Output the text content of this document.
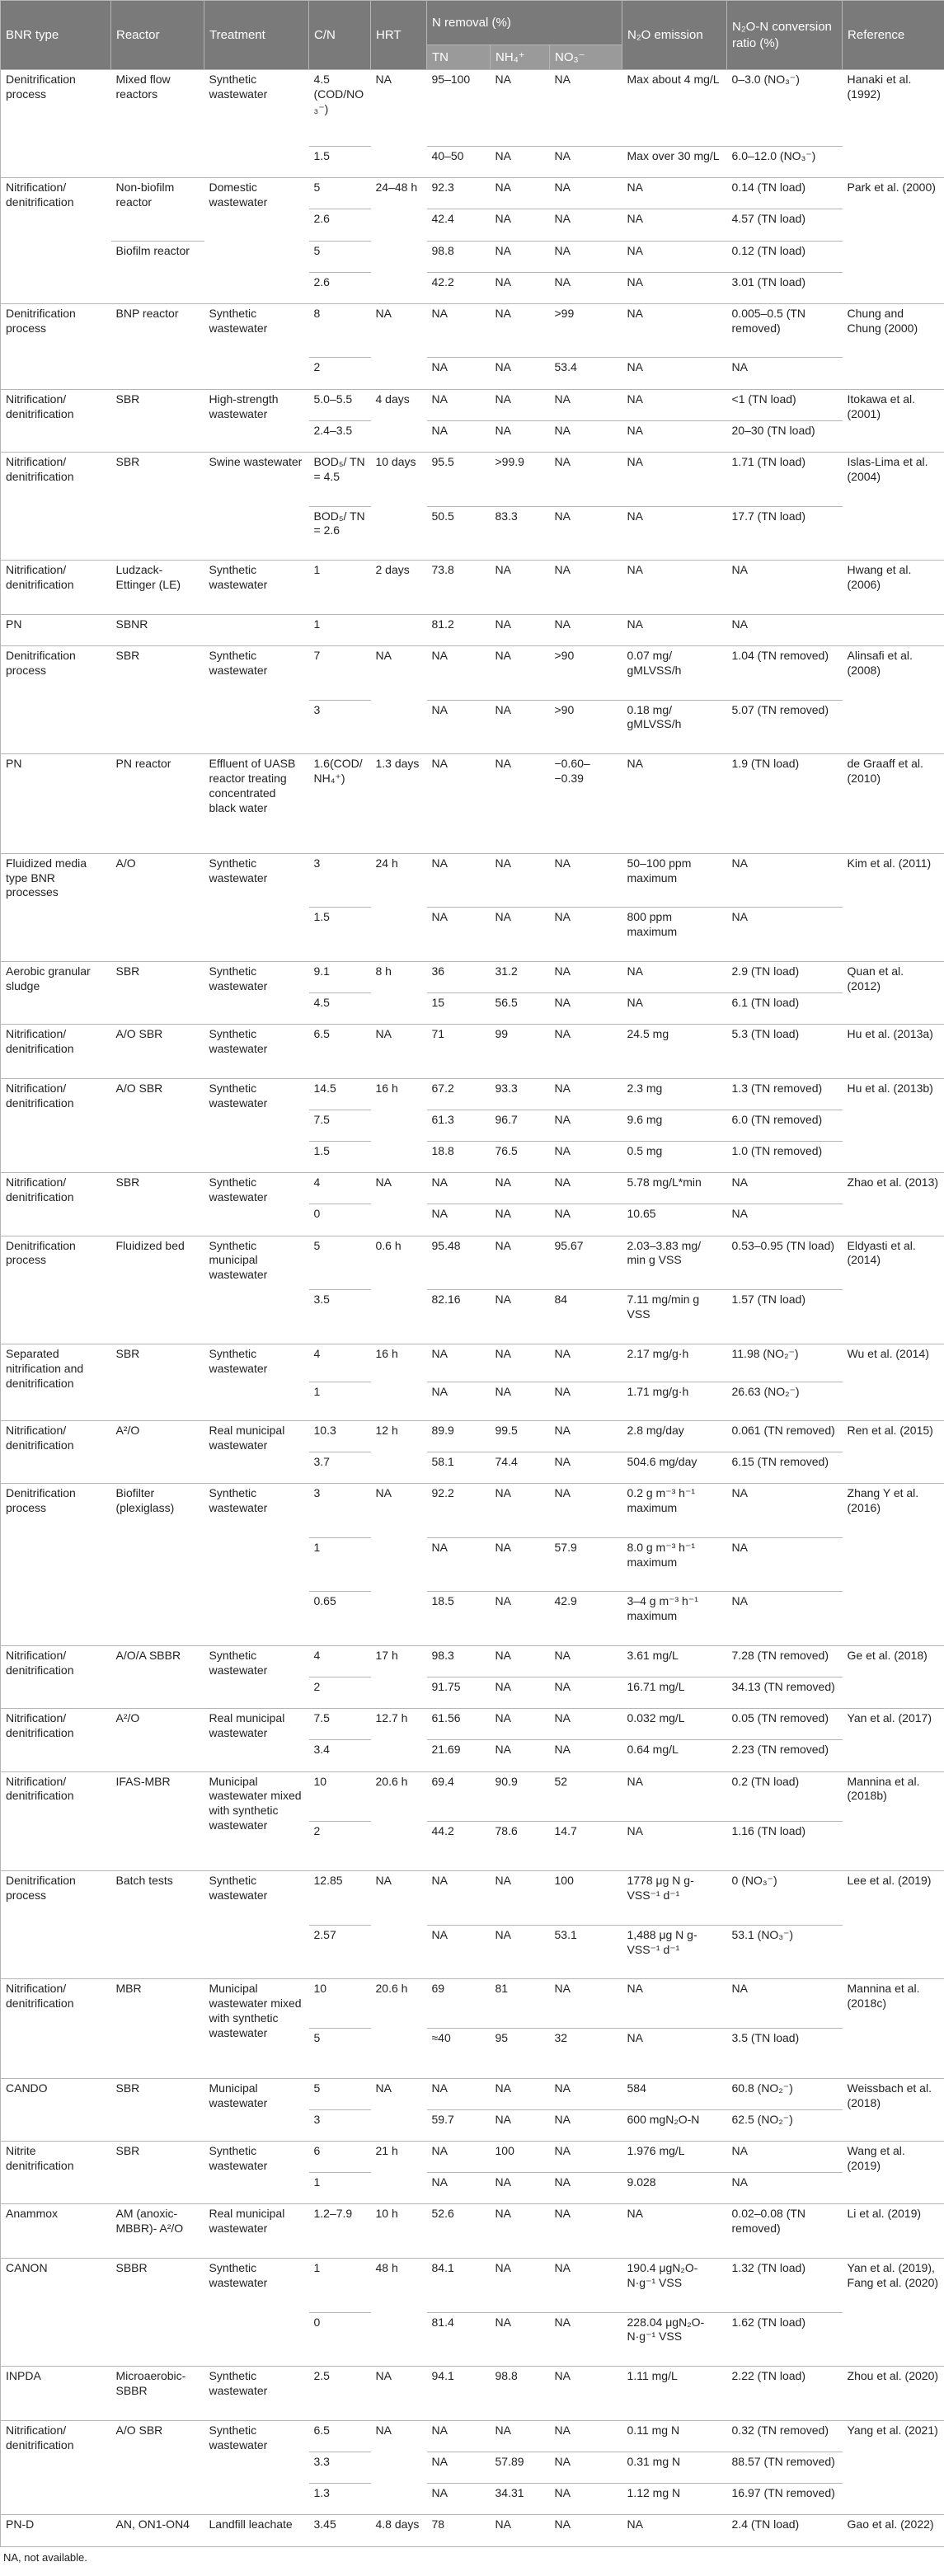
BNR type	Reactor	Treatment	C/N	HRT	N removal (%)			N₂O emission	N₂O-N conversion ratio (%)	Reference
					TN	NH₄⁺	NO₃⁻			
Denitrification process	Mixed flow reactors	Synthetic wastewater	4.5 (COD/NO₃⁻)	NA	95–100	NA	NA	Max about 4 mg/L	0–3.0 (NO₃⁻)	Hanaki et al. (1992)
			1.5		40–50	NA	NA	Max over 30 mg/L	6.0–12.0 (NO₃⁻)	
Nitrification/ denitrification	Non-biofilm reactor	Domestic wastewater	5	24–48 h	92.3	NA	NA	NA	0.14 (TN load)	Park et al. (2000)
			2.6		42.4	NA	NA	NA	4.57 (TN load)	
	Biofilm reactor		5		98.8	NA	NA	NA	0.12 (TN load)	
			2.6		42.2	NA	NA	NA	3.01 (TN load)	
Denitrification process	BNP reactor	Synthetic wastewater	8	NA	NA	NA	>99	NA	0.005–0.5 (TN removed)	Chung and Chung (2000)
			2		NA	NA	53.4	NA	NA	
Nitrification/ denitrification	SBR	High-strength wastewater	5.0–5.5	4 days	NA	NA	NA	NA	<1 (TN load)	Itokawa et al. (2001)
			2.4–3.5		NA	NA	NA	NA	20–30 (TN load)	
Nitrification/ denitrification	SBR	Swine wastewater	BOD₅/ TN = 4.5	10 days	95.5	>99.9	NA	NA	1.71 (TN load)	Islas-Lima et al. (2004)
			BOD₅/ TN = 2.6		50.5	83.3	NA	NA	17.7 (TN load)	
Nitrification/ denitrification	Ludzack-Ettinger (LE)	Synthetic wastewater	1	2 days	73.8	NA	NA	NA	NA	Hwang et al. (2006)
PN	SBNR		1		81.2	NA	NA	NA	NA	
Denitrification process	SBR	Synthetic wastewater	7	NA	NA	NA	>90	0.07 mg/ gMLVSS/h	1.04 (TN removed)	Alinsafi et al. (2008)
			3		NA	NA	>90	0.18 mg/ gMLVSS/h	5.07 (TN removed)	
PN	PN reactor	Effluent of UASB reactor treating concentrated black water	1.6(COD/ NH₄⁺)	1.3 days	NA	NA	−0.60–−0.39	NA	1.9 (TN load)	de Graaff et al. (2010)
Fluidized media type BNR processes	A/O	Synthetic wastewater	3	24 h	NA	NA	NA	50–100 ppm maximum	NA	Kim et al. (2011)
			1.5		NA	NA	NA	800 ppm maximum	NA	
Aerobic granular sludge	SBR	Synthetic wastewater	9.1	8 h	36	31.2	NA	NA	2.9 (TN load)	Quan et al. (2012)
			4.5		15	56.5	NA	NA	6.1 (TN load)	
Nitrification/ denitrification	A/O SBR	Synthetic wastewater	6.5	NA	71	99	NA	24.5 mg	5.3 (TN load)	Hu et al. (2013a)
Nitrification/ denitrification	A/O SBR	Synthetic wastewater	14.5	16 h	67.2	93.3	NA	2.3 mg	1.3 (TN removed)	Hu et al. (2013b)
			7.5		61.3	96.7	NA	9.6 mg	6.0 (TN removed)	
			1.5		18.8	76.5	NA	0.5 mg	1.0 (TN removed)	
Nitrification/ denitrification	SBR	Synthetic wastewater	4	NA	NA	NA	NA	5.78 mg/L*min	NA	Zhao et al. (2013)
			0		NA	NA	NA	10.65	NA	
Denitrification process	Fluidized bed	Synthetic municipal wastewater	5	0.6 h	95.48	NA	95.67	2.03–3.83 mg/ min g VSS	0.53–0.95 (TN load)	Eldyasti et al. (2014)
			3.5		82.16	NA	84	7.11 mg/min g VSS	1.57 (TN load)	
Separated nitrification and denitrification	SBR	Synthetic wastewater	4	16 h	NA	NA	NA	2.17 mg/g·h	11.98 (NO₂⁻)	Wu et al. (2014)
			1		NA	NA	NA	1.71 mg/g·h	26.63 (NO₂⁻)	
Nitrification/ denitrification	A²/O	Real municipal wastewater	10.3	12 h	89.9	99.5	NA	2.8 mg/day	0.061 (TN removed)	Ren et al. (2015)
			3.7		58.1	74.4	NA	504.6 mg/day	6.15 (TN removed)	
Denitrification process	Biofilter (plexiglass)	Synthetic wastewater	3	NA	92.2	NA	NA	0.2 g m⁻³ h⁻¹ maximum	NA	Zhang Y et al. (2016)
			1		NA	NA	57.9	8.0 g m⁻³ h⁻¹ maximum	NA	
			0.65		18.5	NA	42.9	3–4 g m⁻³ h⁻¹ maximum	NA	
Nitrification/ denitrification	A/O/A SBBR	Synthetic wastewater	4	17 h	98.3	NA	NA	3.61 mg/L	7.28 (TN removed)	Ge et al. (2018)
			2		91.75	NA	NA	16.71 mg/L	34.13 (TN removed)	
Nitrification/ denitrification	A²/O	Real municipal wastewater	7.5	12.7 h	61.56	NA	NA	0.032 mg/L	0.05 (TN removed)	Yan et al. (2017)
			3.4		21.69	NA	NA	0.64 mg/L	2.23 (TN removed)	
Nitrification/ denitrification	IFAS-MBR	Municipal wastewater mixed with synthetic wastewater	10	20.6 h	69.4	90.9	52	NA	0.2 (TN load)	Mannina et al. (2018b)
			2		44.2	78.6	14.7	NA	1.16 (TN load)	
Denitrification process	Batch tests	Synthetic wastewater	12.85	NA	NA	NA	100	1778 μg N g-VSS⁻¹ d⁻¹	0 (NO₃⁻)	Lee et al. (2019)
			2.57		NA	NA	53.1	1,488 μg N g-VSS⁻¹ d⁻¹	53.1 (NO₃⁻)	
Nitrification/ denitrification	MBR	Municipal wastewater mixed with synthetic wastewater	10	20.6 h	69	81	NA	NA	NA	Mannina et al. (2018c)
			5		≈40	95	32	NA	3.5 (TN load)	
CANDO	SBR	Municipal wastewater	5	NA	NA	NA	NA	584	60.8 (NO₂⁻)	Weissbach et al. (2018)
			3		59.7	NA	NA	600 mgN₂O-N	62.5 (NO₂⁻)	
Nitrite denitrification	SBR	Synthetic wastewater	6	21 h	NA	100	NA	1.976 mg/L	NA	Wang et al. (2019)
			1		NA	NA	NA	9.028	NA	
Anammox	AM (anoxic-MBBR)- A²/O	Real municipal wastewater	1.2–7.9	10 h	52.6	NA	NA	NA	0.02–0.08 (TN removed)	Li et al. (2019)
CANON	SBBR	Synthetic wastewater	1	48 h	84.1	NA	NA	190.4 μgN₂O-N·g⁻¹ VSS	1.32 (TN load)	Yan et al. (2019), Fang et al. (2020)
			0		81.4	NA	NA	228.04 μgN₂O-N·g⁻¹ VSS	1.62 (TN load)	
INPDA	Microaerobic-SBBR	Synthetic wastewater	2.5	NA	94.1	98.8	NA	1.11 mg/L	2.22 (TN load)	Zhou et al. (2020)
Nitrification/ denitrification	A/O SBR	Synthetic wastewater	6.5	NA	NA	NA	NA	0.11 mg N	0.32 (TN removed)	Yang et al. (2021)
			3.3		NA	57.89	NA	0.31 mg N	88.57 (TN removed)	
			1.3		NA	34.31	NA	1.12 mg N	16.97 (TN removed)	
PN-D	AN, ON1-ON4	Landfill leachate	3.45	4.8 days	78	NA	NA	NA	2.4 (TN load)	Gao et al. (2022)
NA, not available.
